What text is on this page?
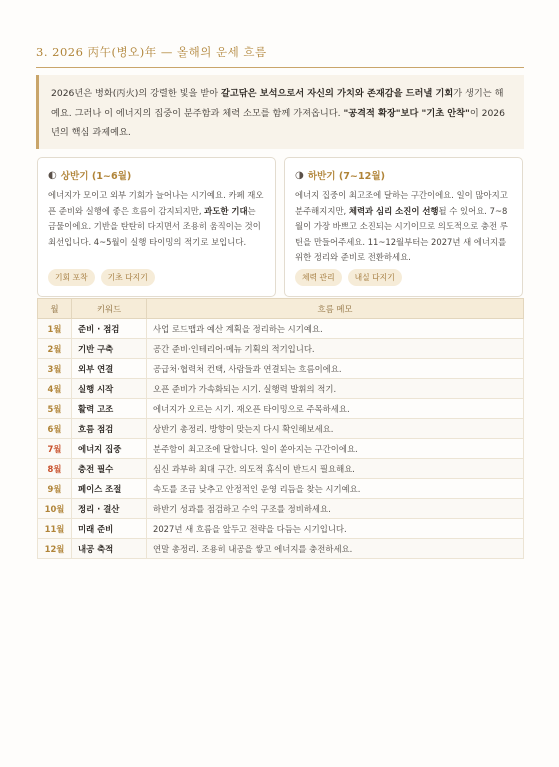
3. 2026 丙午(병오)年 — 올해의 운세 흐름
2026년은 병화(丙火)의 강렬한 빛을 받아 갈고닦은 보석으로서 자신의 가치와 존재감을 드러낼 기회가 생기는 해예요. 그러나 이 에너지의 집중이 분주함과 체력 소모를 함께 가져옵니다. "공격적 확장"보다 "기초 안착"이 2026년의 핵심 과제예요.
◐ 상반기 (1~6월)
에너지가 모이고 외부 기회가 늘어나는 시기예요. 카페 재오픈 준비와 실행에 좋은 흐름이 감지되지만, 과도한 기대는 금물이에요. 기반을 탄탄히 다지면서 조용히 움직이는 것이 최선입니다. 4~5월이 실행 타이밍의 적기로 보입니다.
기회 포착	기초 다지기
◑ 하반기 (7~12월)
에너지 집중이 최고조에 달하는 구간이에요. 일이 많아지고 분주해지지만, 체력과 심리 소진이 선행될 수 있어요. 7~8월이 가장 바쁘고 소진되는 시기이므로 의도적으로 충전 루틴을 만들어주세요. 11~12월부터는 2027년 새 에너지를 위한 정리와 준비로 전환하세요.
체력 관리	내실 다지기
월	키워드	흐름 메모
1월	준비 · 점검	사업 로드맵과 예산 계획을 정리하는 시기예요.
2월	기반 구축	공간 준비·인테리어·메뉴 기획의 적기입니다.
3월	외부 연결	공급처·협력처 컨택, 사람들과 연결되는 흐름이에요.
4월	실행 시작	오픈 준비가 가속화되는 시기. 실행력 발휘의 적기.
5월	활력 고조	에너지가 오르는 시기. 재오픈 타이밍으로 주목하세요.
6월	흐름 점검	상반기 총정리. 방향이 맞는지 다시 확인해보세요.
7월	에너지 집중	분주함이 최고조에 달합니다. 일이 쏟아지는 구간이에요.
8월	충전 필수	심신 과부하 최대 구간. 의도적 휴식이 반드시 필요해요.
9월	페이스 조절	속도를 조금 낮추고 안정적인 운영 리듬을 찾는 시기예요.
10월	정리 · 결산	하반기 성과를 점검하고 수익 구조를 정비하세요.
11월	미래 준비	2027년 새 흐름을 앞두고 전략을 다듬는 시기입니다.
12월	내공 축적	연말 총정리. 조용히 내공을 쌓고 에너지를 충전하세요.
